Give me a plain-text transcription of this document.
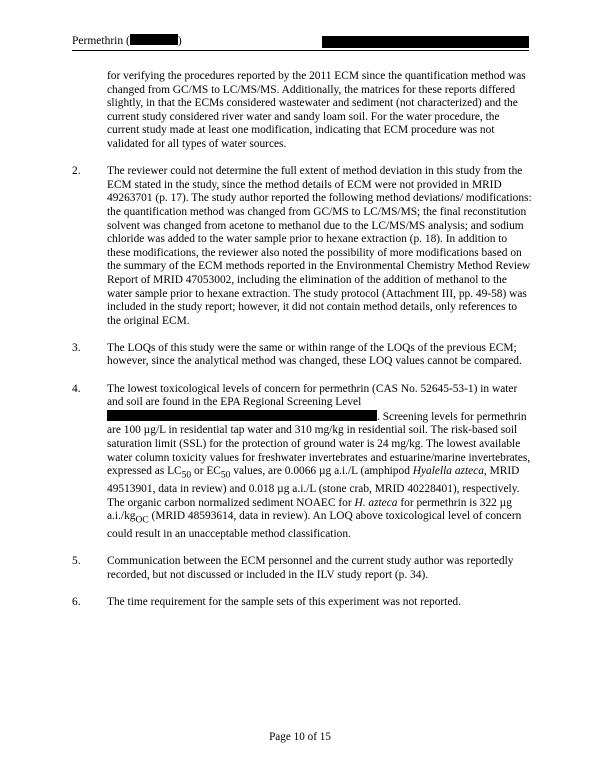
Permethrin (	)
for verifying the procedures reported by the 2011 ECM since the quantification method was changed from GC/MS to LC/MS/MS. Additionally, the matrices for these reports differed slightly, in that the ECMs considered wastewater and sediment (not characterized) and the current study considered river water and sandy loam soil. For the water procedure, the current study made at least one modification, indicating that ECM procedure was not validated for all types of water sources.
2.	The reviewer could not determine the full extent of method deviation in this study from the ECM stated in the study, since the method details of ECM were not provided in MRID 49263701 (p. 17). The study author reported the following method deviations/ modifications: the quantification method was changed from GC/MS to LC/MS/MS; the final reconstitution solvent was changed from acetone to methanol due to the LC/MS/MS analysis; and sodium chloride was added to the water sample prior to hexane extraction (p. 18). In addition to these modifications, the reviewer also noted the possibility of more modifications based on the summary of the ECM methods reported in the Environmental Chemistry Method Review Report of MRID 47053002, including the elimination of the addition of methanol to the water sample prior to hexane extraction. The study protocol (Attachment III, pp. 49-58) was included in the study report; however, it did not contain method details, only references to the original ECM.
3.	The LOQs of this study were the same or within range of the LOQs of the previous ECM; however, since the analytical method was changed, these LOQ values cannot be compared.
4.	The lowest toxicological levels of concern for permethrin (CAS No. 52645-53-1) in water and soil are found in the EPA Regional Screening Level . Screening levels for permethrin are 100 µg/L in residential tap water and 310 mg/kg in residential soil. The risk-based soil saturation limit (SSL) for the protection of ground water is 24 mg/kg. The lowest available water column toxicity values for freshwater invertebrates and estuarine/marine invertebrates, expressed as $LC_{50}$ or $EC_{50}$ values, are 0.0066 µg a.i./L (amphipod Hyalella azteca, MRID 49513901, data in review) and 0.018 µg a.i./L (stone crab, MRID 40228401), respectively. The organic carbon normalized sediment NOAEC for H. azteca for permethrin is 322 µg $a.i./kg_{OC}$ (MRID 48593614, data in review). An LOQ above toxicological level of concern could result in an unacceptable method classification.
5.	Communication between the ECM personnel and the current study author was reportedly recorded, but not discussed or included in the ILV study report (p. 34).
6.	The time requirement for the sample sets of this experiment was not reported.
Page 10 of 15
